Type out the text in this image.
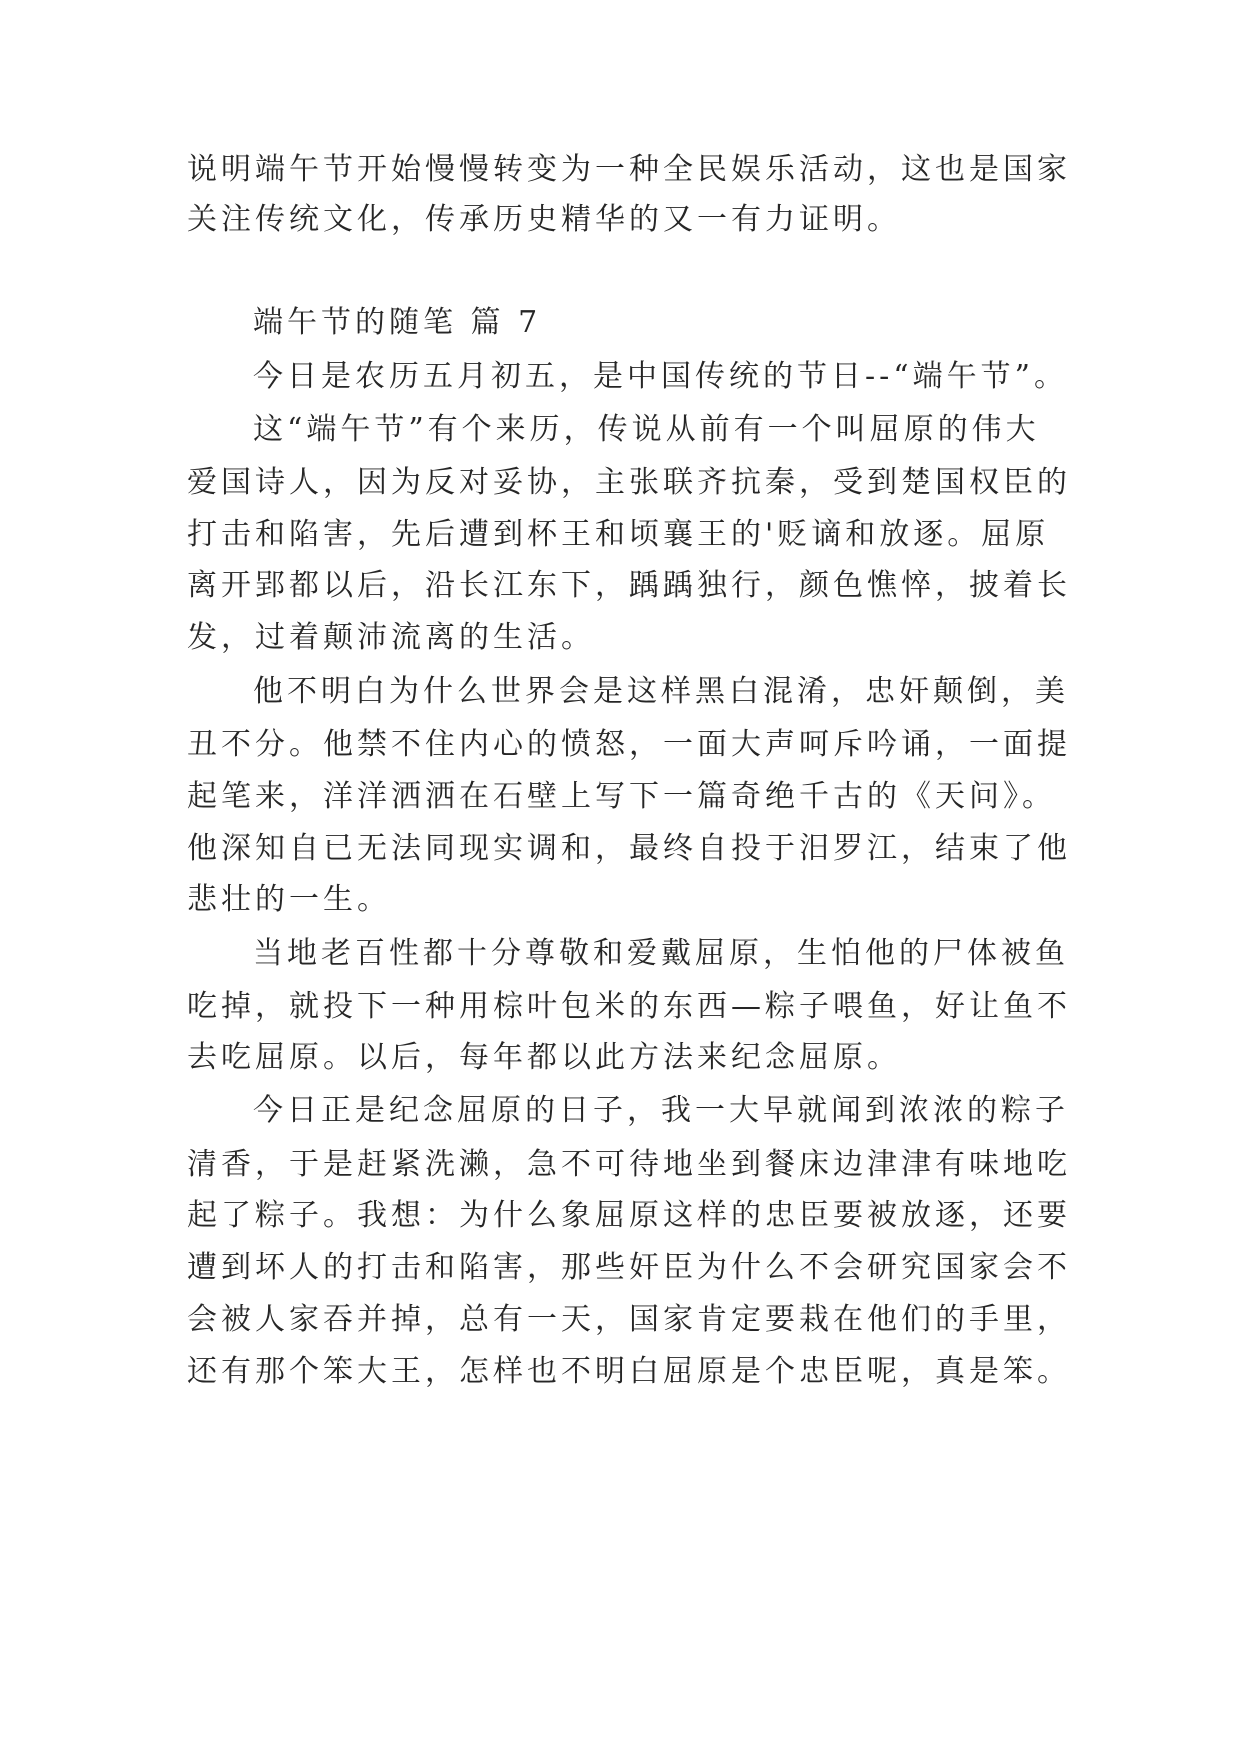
说明端午节开始慢慢转变为一种全民娱乐活动，这也是国家

关注传统文化，传承历史精华的又一有力证明。

端午节的随笔 篇 7

今日是农历五月初五，是中国传统的节日--“端午节”。

这“端午节”有个来历，传说从前有一个叫屈原的伟大

爱国诗人，因为反对妥协，主张联齐抗秦，受到楚国权臣的

打击和陷害，先后遭到杯王和顷襄王的'贬谪和放逐。屈原

离开郢都以后，沿长江东下，踽踽独行，颜色憔悴，披着长

发，过着颠沛流离的生活。

他不明白为什么世界会是这样黑白混淆，忠奸颠倒，美

丑不分。他禁不住内心的愤怒，一面大声呵斥吟诵，一面提

起笔来，洋洋洒洒在石壁上写下一篇奇绝千古的《天问》。

他深知自已无法同现实调和，最终自投于汨罗江，结束了他

悲壮的一生。

当地老百性都十分尊敬和爱戴屈原，生怕他的尸体被鱼

吃掉，就投下一种用棕叶包米的东西—粽子喂鱼，好让鱼不

去吃屈原。以后，每年都以此方法来纪念屈原。

今日正是纪念屈原的日子，我一大早就闻到浓浓的粽子

清香，于是赶紧洗濑，急不可待地坐到餐床边津津有味地吃

起了粽子。我想：为什么象屈原这样的忠臣要被放逐，还要

遭到坏人的打击和陷害，那些奸臣为什么不会研究国家会不

会被人家吞并掉，总有一天，国家肯定要栽在他们的手里，

还有那个笨大王，怎样也不明白屈原是个忠臣呢，真是笨。
